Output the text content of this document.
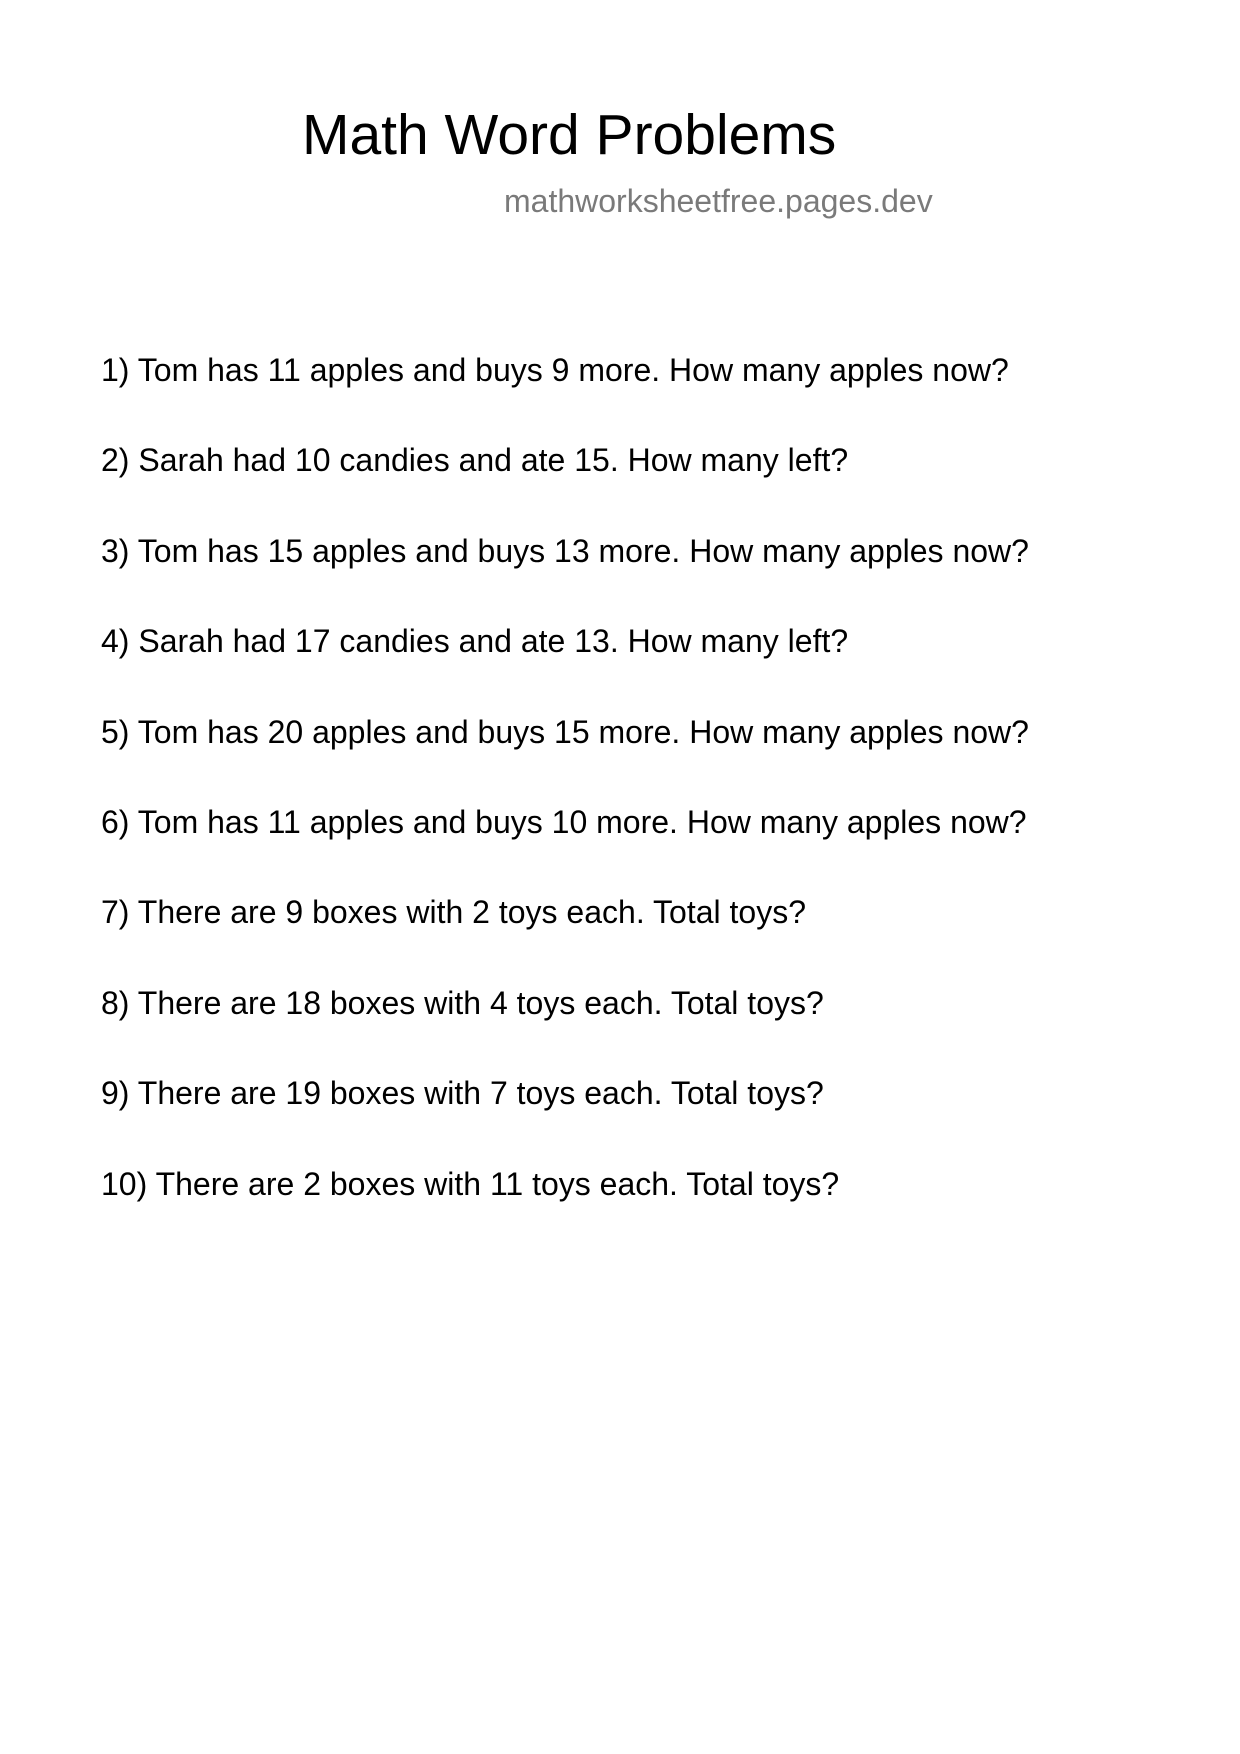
Math Word Problems
mathworksheetfree.pages.dev
1) Tom has 11 apples and buys 9 more. How many apples now?
2) Sarah had 10 candies and ate 15. How many left?
3) Tom has 15 apples and buys 13 more. How many apples now?
4) Sarah had 17 candies and ate 13. How many left?
5) Tom has 20 apples and buys 15 more. How many apples now?
6) Tom has 11 apples and buys 10 more. How many apples now?
7) There are 9 boxes with 2 toys each. Total toys?
8) There are 18 boxes with 4 toys each. Total toys?
9) There are 19 boxes with 7 toys each. Total toys?
10) There are 2 boxes with 11 toys each. Total toys?
